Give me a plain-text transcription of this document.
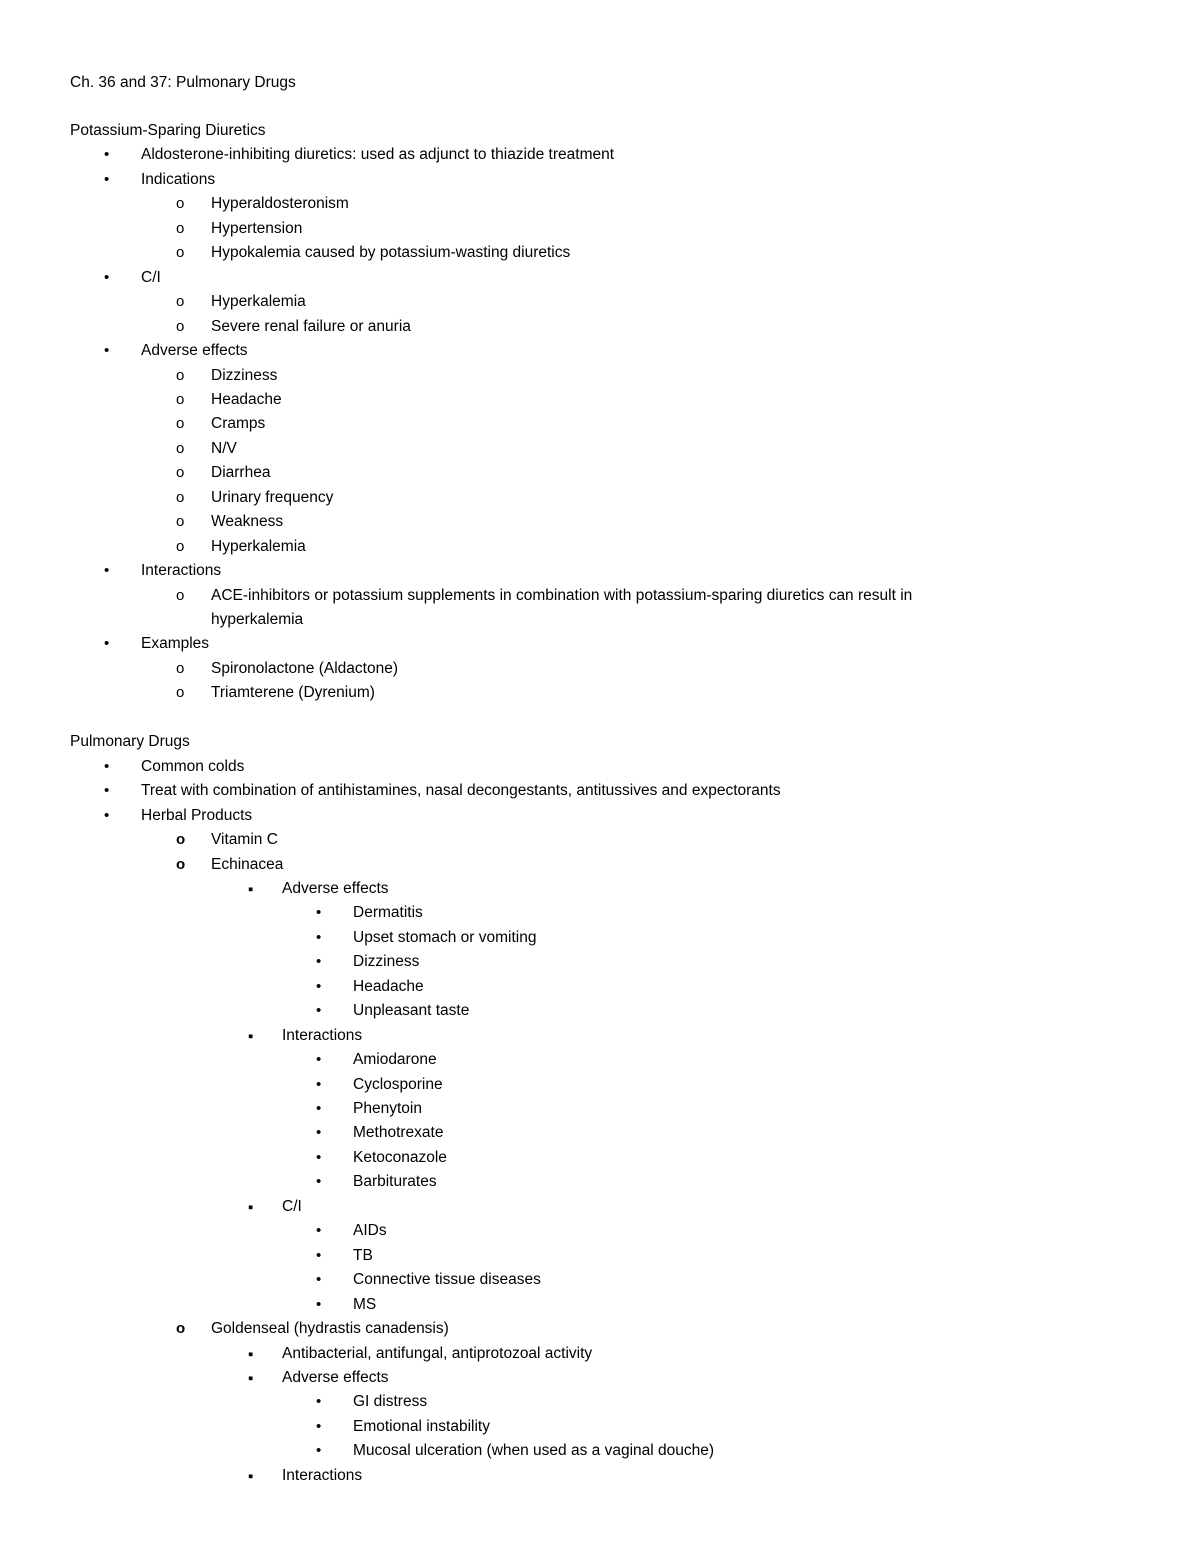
Ch. 36 and 37: Pulmonary Drugs
Potassium-Sparing Diuretics
• Aldosterone-inhibiting diuretics: used as adjunct to thiazide treatment
• Indications
o Hyperaldosteronism
o Hypertension
o Hypokalemia caused by potassium-wasting diuretics
• C/I
o Hyperkalemia
o Severe renal failure or anuria
• Adverse effects
o Dizziness
o Headache
o Cramps
o N/V
o Diarrhea
o Urinary frequency
o Weakness
o Hyperkalemia
• Interactions
o ACE-inhibitors or potassium supplements in combination with potassium-sparing diuretics can result in
hyperkalemia
• Examples
o Spironolactone (Aldactone)
o Triamterene (Dyrenium)
Pulmonary Drugs
• Common colds
• Treat with combination of antihistamines, nasal decongestants, antitussives and expectorants
• Herbal Products
o Vitamin C
o Echinacea
▪ Adverse effects
• Dermatitis
• Upset stomach or vomiting
• Dizziness
• Headache
• Unpleasant taste
▪ Interactions
• Amiodarone
• Cyclosporine
• Phenytoin
• Methotrexate
• Ketoconazole
• Barbiturates
▪ C/I
• AIDs
• TB
• Connective tissue diseases
• MS
o Goldenseal (hydrastis canadensis)
▪ Antibacterial, antifungal, antiprotozoal activity
▪ Adverse effects
• GI distress
• Emotional instability
• Mucosal ulceration (when used as a vaginal douche)
▪ Interactions
